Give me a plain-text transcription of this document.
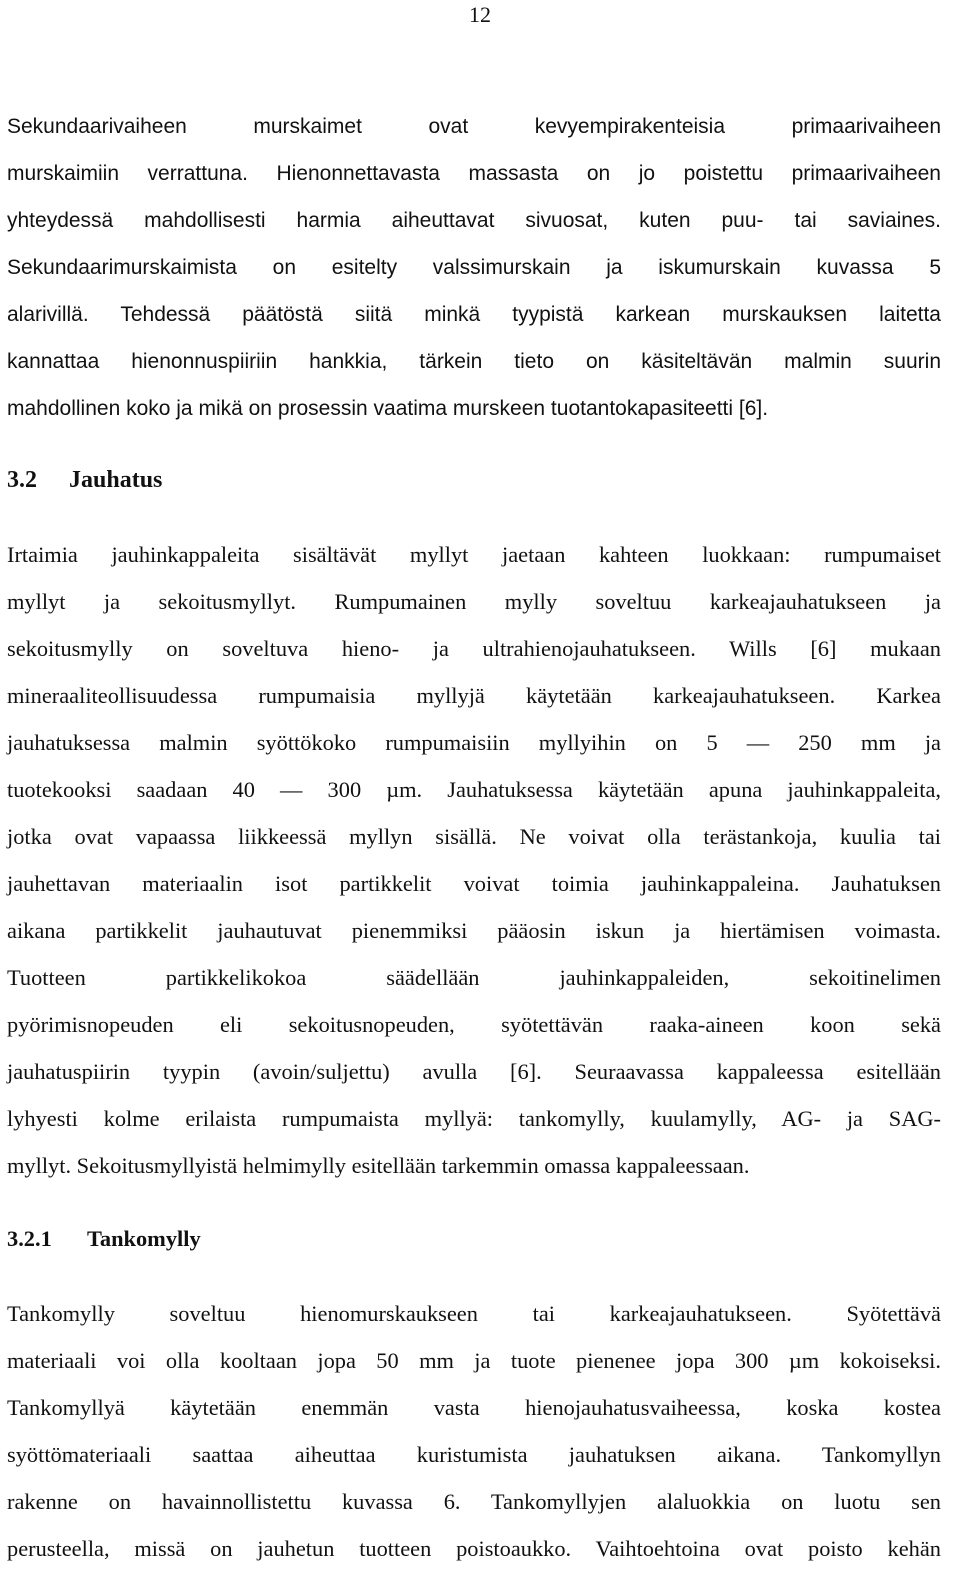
12
Sekundaarivaiheen murskaimet ovat kevyempirakenteisia primaarivaiheen
murskaimiin verrattuna. Hienonnettavasta massasta on jo poistettu primaarivaiheen
yhteydessä mahdollisesti harmia aiheuttavat sivuosat, kuten puu- tai saviaines.
Sekundaarimurskaimista on esitelty valssimurskain ja iskumurskain kuvassa 5
alarivillä. Tehdessä päätöstä siitä minkä tyypistä karkean murskauksen laitetta
kannattaa hienonnuspiiriin hankkia, tärkein tieto on käsiteltävän malmin suurin
mahdollinen koko ja mikä on prosessin vaatima murskeen tuotantokapasiteetti [6].
3.2 Jauhatus
Irtaimia jauhinkappaleita sisältävät myllyt jaetaan kahteen luokkaan: rumpumaiset
myllyt ja sekoitusmyllyt. Rumpumainen mylly soveltuu karkeajauhatukseen ja
sekoitusmylly on soveltuva hieno- ja ultrahienojauhatukseen. Wills [6] mukaan
mineraaliteollisuudessa rumpumaisia myllyjä käytetään karkeajauhatukseen. Karkea
jauhatuksessa malmin syöttökoko rumpumaisiin myllyihin on 5 — 250 mm ja
tuotekooksi saadaan 40 — 300 µm. Jauhatuksessa käytetään apuna jauhinkappaleita,
jotka ovat vapaassa liikkeessä myllyn sisällä. Ne voivat olla terästankoja, kuulia tai
jauhettavan materiaalin isot partikkelit voivat toimia jauhinkappaleina. Jauhatuksen
aikana partikkelit jauhautuvat pienemmiksi pääosin iskun ja hiertämisen voimasta.
Tuotteen partikkelikokoa säädellään jauhinkappaleiden, sekoitinelimen
pyörimisnopeuden eli sekoitusnopeuden, syötettävän raaka-aineen koon sekä
jauhatuspiirin tyypin (avoin/suljettu) avulla [6]. Seuraavassa kappaleessa esitellään
lyhyesti kolme erilaista rumpumaista myllyä: tankomylly, kuulamylly, AG- ja SAG-
myllyt. Sekoitusmyllyistä helmimylly esitellään tarkemmin omassa kappaleessaan.
3.2.1 Tankomylly
Tankomylly soveltuu hienomurskaukseen tai karkeajauhatukseen. Syötettävä
materiaali voi olla kooltaan jopa 50 mm ja tuote pienenee jopa 300 µm kokoiseksi.
Tankomyllyä käytetään enemmän vasta hienojauhatusvaiheessa, koska kostea
syöttömateriaali saattaa aiheuttaa kuristumista jauhatuksen aikana. Tankomyllyn
rakenne on havainnollistettu kuvassa 6. Tankomyllyjen alaluokkia on luotu sen
perusteella, missä on jauhetun tuotteen poistoaukko. Vaihtoehtoina ovat poisto kehän
